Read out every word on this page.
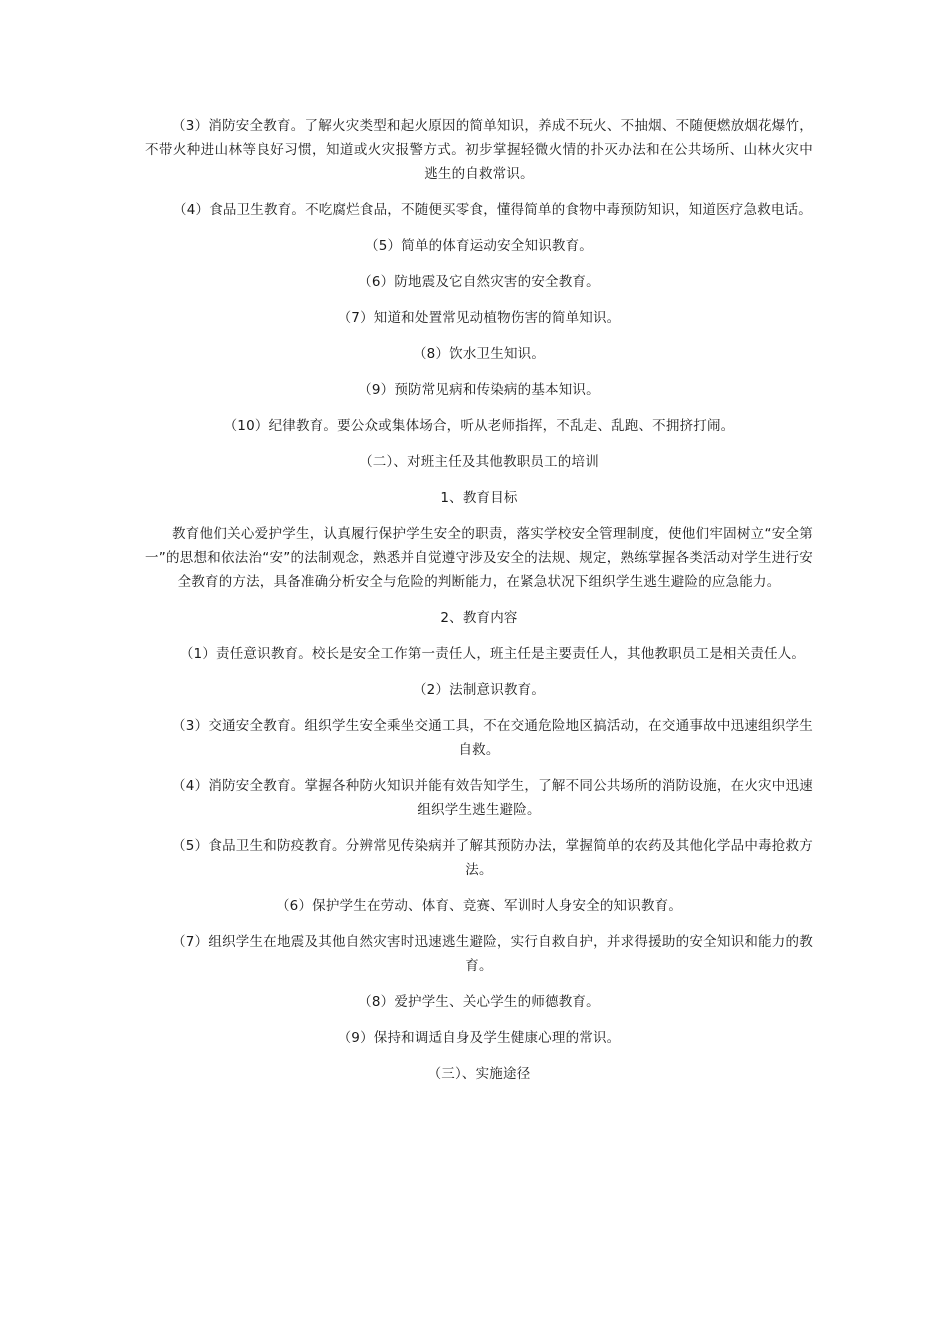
（3）消防安全教育。了解火灾类型和起火原因的简单知识，养成不玩火、不抽烟、不随便燃放烟花爆竹，不带火种进山林等良好习惯，知道或火灾报警方式。初步掌握轻微火情的扑灭办法和在公共场所、山林火灾中逃生的自救常识。

（4）食品卫生教育。不吃腐烂食品，不随便买零食，懂得简单的食物中毒预防知识，知道医疗急救电话。

（5）简单的体育运动安全知识教育。

（6）防地震及它自然灾害的安全教育。

（7）知道和处置常见动植物伤害的简单知识。

（8）饮水卫生知识。

（9）预防常见病和传染病的基本知识。

（10）纪律教育。要公众或集体场合，听从老师指挥，不乱走、乱跑、不拥挤打闹。

（二）、对班主任及其他教职员工的培训

1、教育目标

教育他们关心爱护学生，认真履行保护学生安全的职责，落实学校安全管理制度，使他们牢固树立“安全第一”的思想和依法治“安”的法制观念，熟悉并自觉遵守涉及安全的法规、规定，熟练掌握各类活动对学生进行安全教育的方法，具备准确分析安全与危险的判断能力，在紧急状况下组织学生逃生避险的应急能力。

2、教育内容

（1）责任意识教育。校长是安全工作第一责任人，班主任是主要责任人，其他教职员工是相关责任人。

（2）法制意识教育。

（3）交通安全教育。组织学生安全乘坐交通工具，不在交通危险地区搞活动，在交通事故中迅速组织学生自救。

（4）消防安全教育。掌握各种防火知识并能有效告知学生，了解不同公共场所的消防设施，在火灾中迅速组织学生逃生避险。

（5）食品卫生和防疫教育。分辨常见传染病并了解其预防办法，掌握简单的农药及其他化学品中毒抢救方法。

（6）保护学生在劳动、体育、竞赛、军训时人身安全的知识教育。

（7）组织学生在地震及其他自然灾害时迅速逃生避险，实行自救自护，并求得援助的安全知识和能力的教育。

（8）爱护学生、关心学生的师德教育。

（9）保持和调适自身及学生健康心理的常识。

（三）、实施途径
